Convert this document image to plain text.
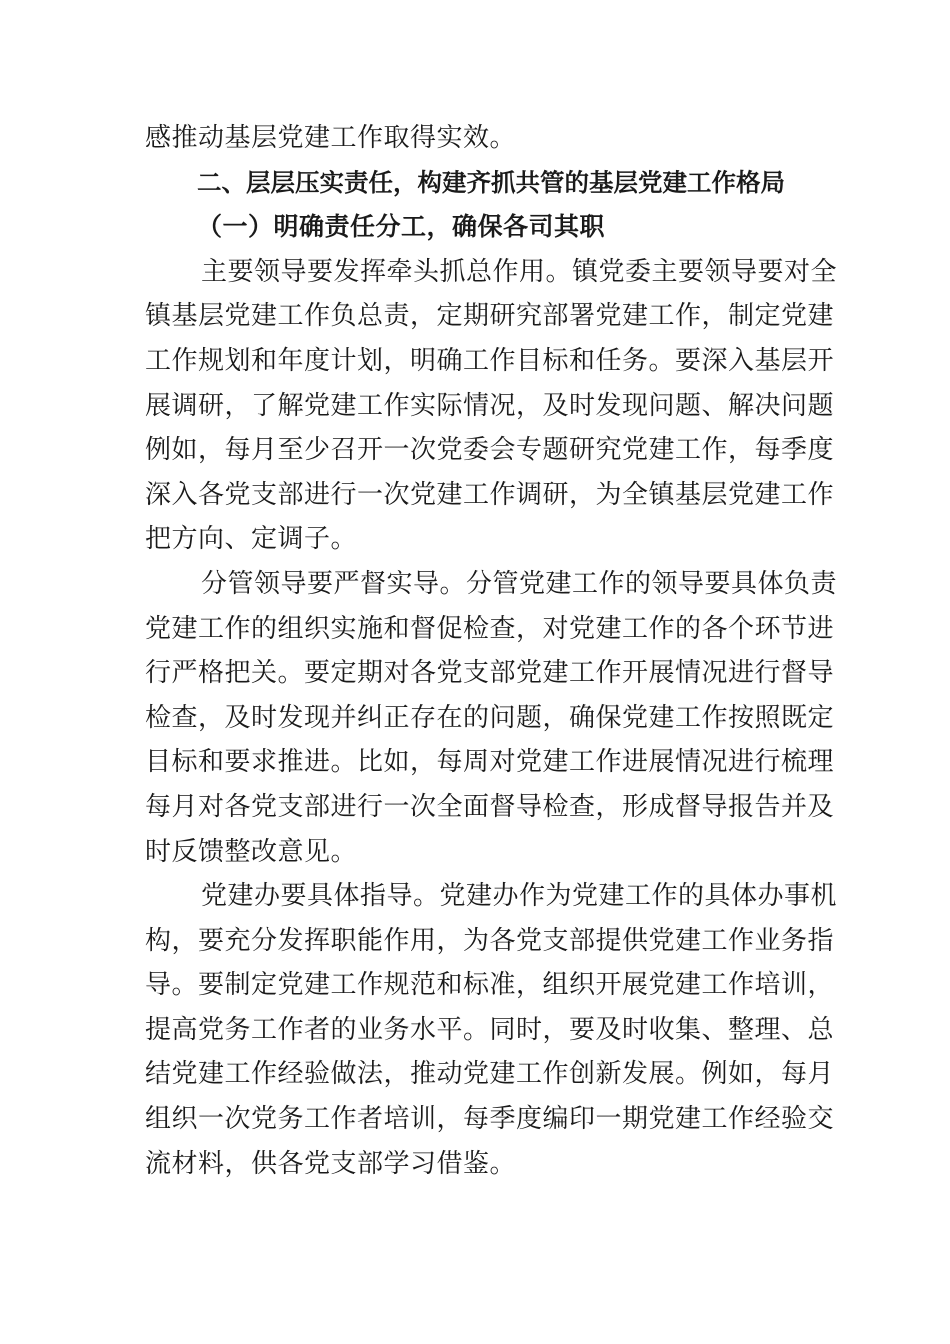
感推动基层党建工作取得实效。
二、层层压实责任，构建齐抓共管的基层党建工作格局
（一）明确责任分工，确保各司其职
主要领导要发挥牵头抓总作用。镇党委主要领导要对全
镇基层党建工作负总责，定期研究部署党建工作，制定党建
工作规划和年度计划，明确工作目标和任务。要深入基层开
展调研，了解党建工作实际情况，及时发现问题、解决问题
例如，每月至少召开一次党委会专题研究党建工作，每季度
深入各党支部进行一次党建工作调研，为全镇基层党建工作
把方向、定调子。
分管领导要严督实导。分管党建工作的领导要具体负责
党建工作的组织实施和督促检查，对党建工作的各个环节进
行严格把关。要定期对各党支部党建工作开展情况进行督导
检查，及时发现并纠正存在的问题，确保党建工作按照既定
目标和要求推进。比如，每周对党建工作进展情况进行梳理
每月对各党支部进行一次全面督导检查，形成督导报告并及
时反馈整改意见。
党建办要具体指导。党建办作为党建工作的具体办事机
构，要充分发挥职能作用，为各党支部提供党建工作业务指
导。要制定党建工作规范和标准，组织开展党建工作培训，
提高党务工作者的业务水平。同时，要及时收集、整理、总
结党建工作经验做法，推动党建工作创新发展。例如，每月
组织一次党务工作者培训，每季度编印一期党建工作经验交
流材料，供各党支部学习借鉴。
